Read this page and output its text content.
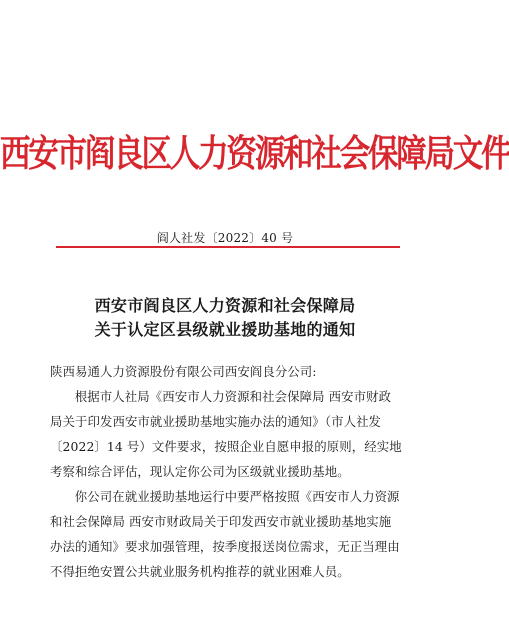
西安市阎良区人力资源和社会保障局文件
阎人社发〔2022〕40 号
西安市阎良区人力资源和社会保障局
关于认定区县级就业援助基地的通知
陕西易通人力资源股份有限公司西安阎良分公司:
根据市人社局《西安市人力资源和社会保障局 西安市财政局关于印发西安市就业援助基地实施办法的通知》（市人社发〔2022〕14 号）文件要求，按照企业自愿申报的原则，经实地考察和综合评估，现认定你公司为区级就业援助基地。
你公司在就业援助基地运行中要严格按照《西安市人力资源和社会保障局 西安市财政局关于印发西安市就业援助基地实施办法的通知》要求加强管理，按季度报送岗位需求，无正当理由不得拒绝安置公共就业服务机构推荐的就业困难人员。
